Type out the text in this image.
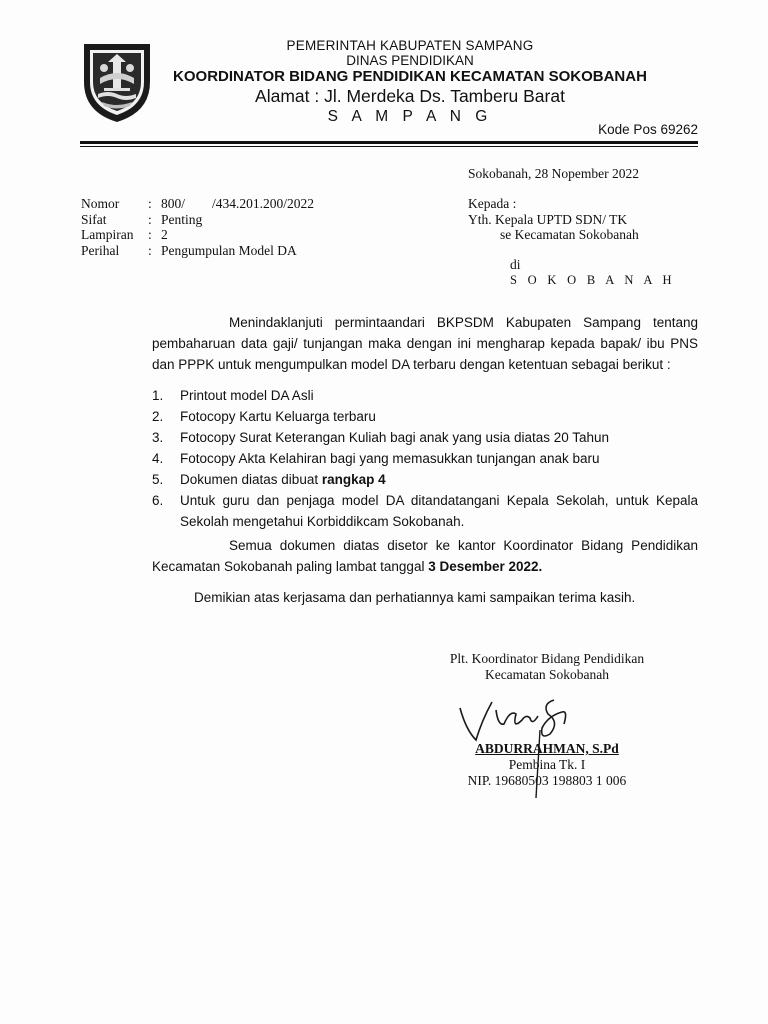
PEMERINTAH KABUPATEN SAMPANG
DINAS PENDIDIKAN
KOORDINATOR BIDANG PENDIDIKAN KECAMATAN SOKOBANAH
Alamat : Jl. Merdeka Ds. Tamberu Barat
S A M P A N G
Kode Pos 69262
Sokobanah, 28 Nopember 2022
Nomor	: 800/        /434.201.200/2022
Sifat	: Penting
Lampiran	: 2
Perihal	: Pengumpulan Model DA
Kepada :
Yth. Kepala UPTD SDN/ TK
se Kecamatan Sokobanah
di
S O K O B A N A H

Menindaklanjuti permintaandari BKPSDM Kabupaten Sampang tentang pembaharuan data gaji/ tunjangan maka dengan ini mengharap kepada bapak/ ibu PNS dan PPPK untuk mengumpulkan model DA terbaru dengan ketentuan sebagai berikut :

1.	Printout model DA Asli
2.	Fotocopy Kartu Keluarga terbaru
3.	Fotocopy Surat Keterangan Kuliah bagi anak yang usia diatas 20 Tahun
4.	Fotocopy Akta Kelahiran bagi yang memasukkan tunjangan anak baru
5.	Dokumen diatas dibuat rangkap 4
6.	Untuk guru dan penjaga model DA ditandatangani Kepala Sekolah, untuk Kepala Sekolah mengetahui Korbiddikcam Sokobanah.

Semua dokumen diatas disetor ke kantor Koordinator Bidang Pendidikan Kecamatan Sokobanah paling lambat tanggal 3 Desember 2022.

Demikian atas kerjasama dan perhatiannya kami sampaikan terima kasih.

Plt. Koordinator Bidang Pendidikan
Kecamatan Sokobanah
ABDURRAHMAN, S.Pd
Pembina Tk. I
NIP. 19680503 198803 1 006
